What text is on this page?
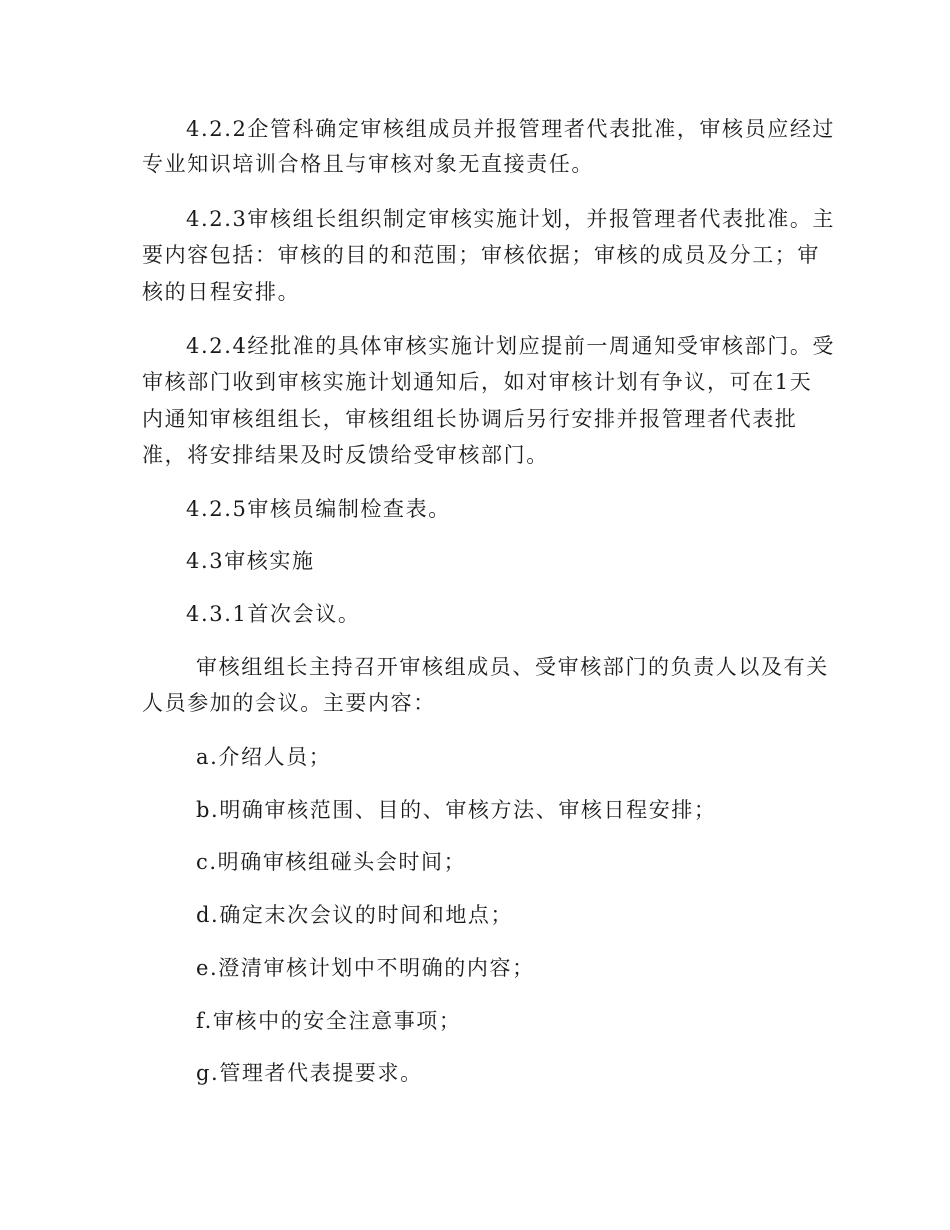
4.2.2企管科确定审核组成员并报管理者代表批准，审核员应经过
专业知识培训合格且与审核对象无直接责任。
4.2.3审核组长组织制定审核实施计划，并报管理者代表批准。主
要内容包括：审核的目的和范围；审核依据；审核的成员及分工；审
核的日程安排。
4.2.4经批准的具体审核实施计划应提前一周通知受审核部门。受
审核部门收到审核实施计划通知后，如对审核计划有争议，可在1天
内通知审核组组长，审核组组长协调后另行安排并报管理者代表批
准，将安排结果及时反馈给受审核部门。
4.2.5审核员编制检查表。
4.3审核实施
4.3.1首次会议。
审核组组长主持召开审核组成员、受审核部门的负责人以及有关
人员参加的会议。主要内容：
a.介绍人员；
b.明确审核范围、目的、审核方法、审核日程安排；
c.明确审核组碰头会时间；
d.确定末次会议的时间和地点；
e.澄清审核计划中不明确的内容；
f.审核中的安全注意事项；
g.管理者代表提要求。
